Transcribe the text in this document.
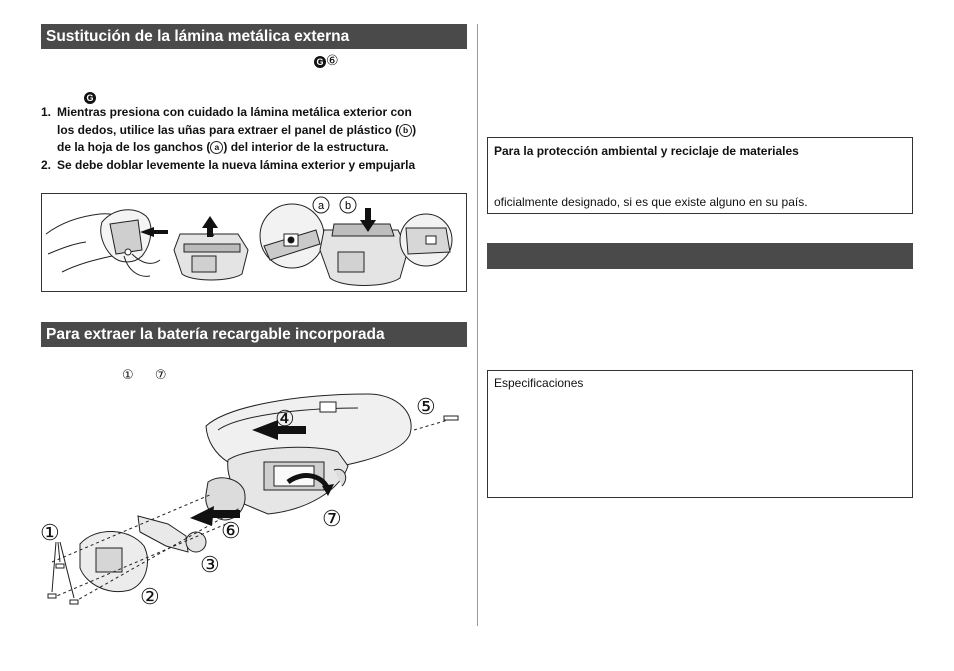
Sustitución de la lámina metálica externa
G ⑥
G
1. Mientras presiona con cuidado la lámina metálica exterior con
los dedos, utilice las uñas para extraer el panel de plástico ( b )
de la hoja de los ganchos ( a ) del interior de la estructura.
2. Se debe doblar levemente la nueva lámina exterior y empujarla
a b
Para extraer la batería recargable incorporada
① ⑦
①
②
③
④	⑤
⑥	⑦
Para la protección ambiental y reciclaje de materiales
oficialmente designado, si es que existe alguno en su país.
Especificaciones
